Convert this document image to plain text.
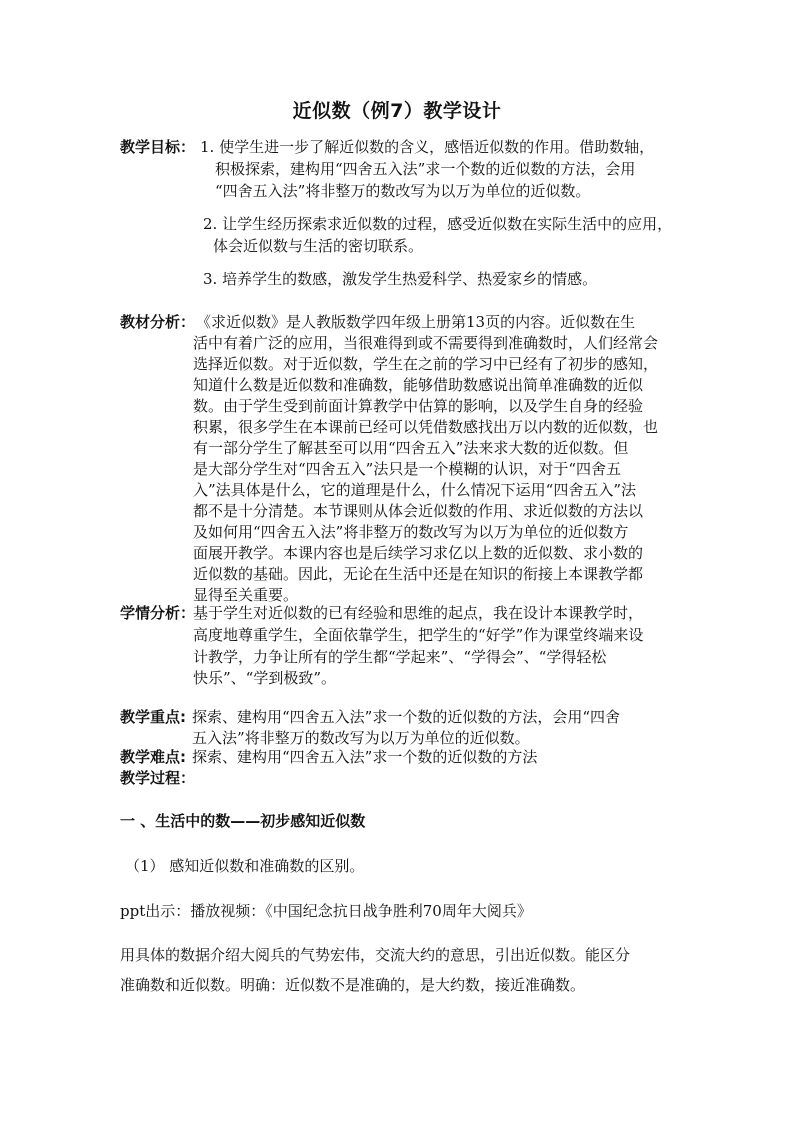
近似数（例7）教学设计
教学目标： 1. 使学生进一步了解近似数的含义，感悟近似数的作用。借助数轴，
积极探索，建构用“四舍五入法”求一个数的近似数的方法，会用
“四舍五入法”将非整万的数改写为以万为单位的近似数。
2. 让学生经历探索求近似数的过程，感受近似数在实际生活中的应用，
体会近似数与生活的密切联系。
3. 培养学生的数感，激发学生热爱科学、热爱家乡的情感。
教材分析： 《求近似数》是人教版数学四年级上册第13页的内容。近似数在生
活中有着广泛的应用，当很难得到或不需要得到准确数时，人们经常会
选择近似数。对于近似数，学生在之前的学习中已经有了初步的感知，
知道什么数是近似数和准确数，能够借助数感说出简单准确数的近似
数。由于学生受到前面计算教学中估算的影响，以及学生自身的经验
积累，很多学生在本课前已经可以凭借数感找出万以内数的近似数，也
有一部分学生了解甚至可以用“四舍五入”法来求大数的近似数。但
是大部分学生对“四舍五入”法只是一个模糊的认识，对于“四舍五
入”法具体是什么，它的道理是什么，什么情况下运用“四舍五入”法
都不是十分清楚。本节课则从体会近似数的作用、求近似数的方法以
及如何用“四舍五入法”将非整万的数改写为以万为单位的近似数方
面展开教学。本课内容也是后续学习求亿以上数的近似数、求小数的
近似数的基础。因此，无论在生活中还是在知识的衔接上本课教学都
显得至关重要。
学情分析：
基于学生对近似数的已有经验和思维的起点，我在设计本课教学时，
高度地尊重学生，全面依靠学生，把学生的“好学”作为课堂终端来设
计教学，力争让所有的学生都“学起来”、“学得会”、“学得轻松
快乐”、“学到极致”。
教学重点: 探索、建构用“四舍五入法”求一个数的近似数的方法，会用“四舍
五入法”将非整万的数改写为以万为单位的近似数。
教学难点: 探索、建构用“四舍五入法”求一个数的近似数的方法
教学过程：
一 、生活中的数——初步感知近似数
（1） 感知近似数和准确数的区别。
ppt出示：播放视频：《中国纪念抗日战争胜利70周年大阅兵》
用具体的数据介绍大阅兵的气势宏伟，交流大约的意思，引出近似数。能区分
准确数和近似数。明确：近似数不是准确的，是大约数，接近准确数。
